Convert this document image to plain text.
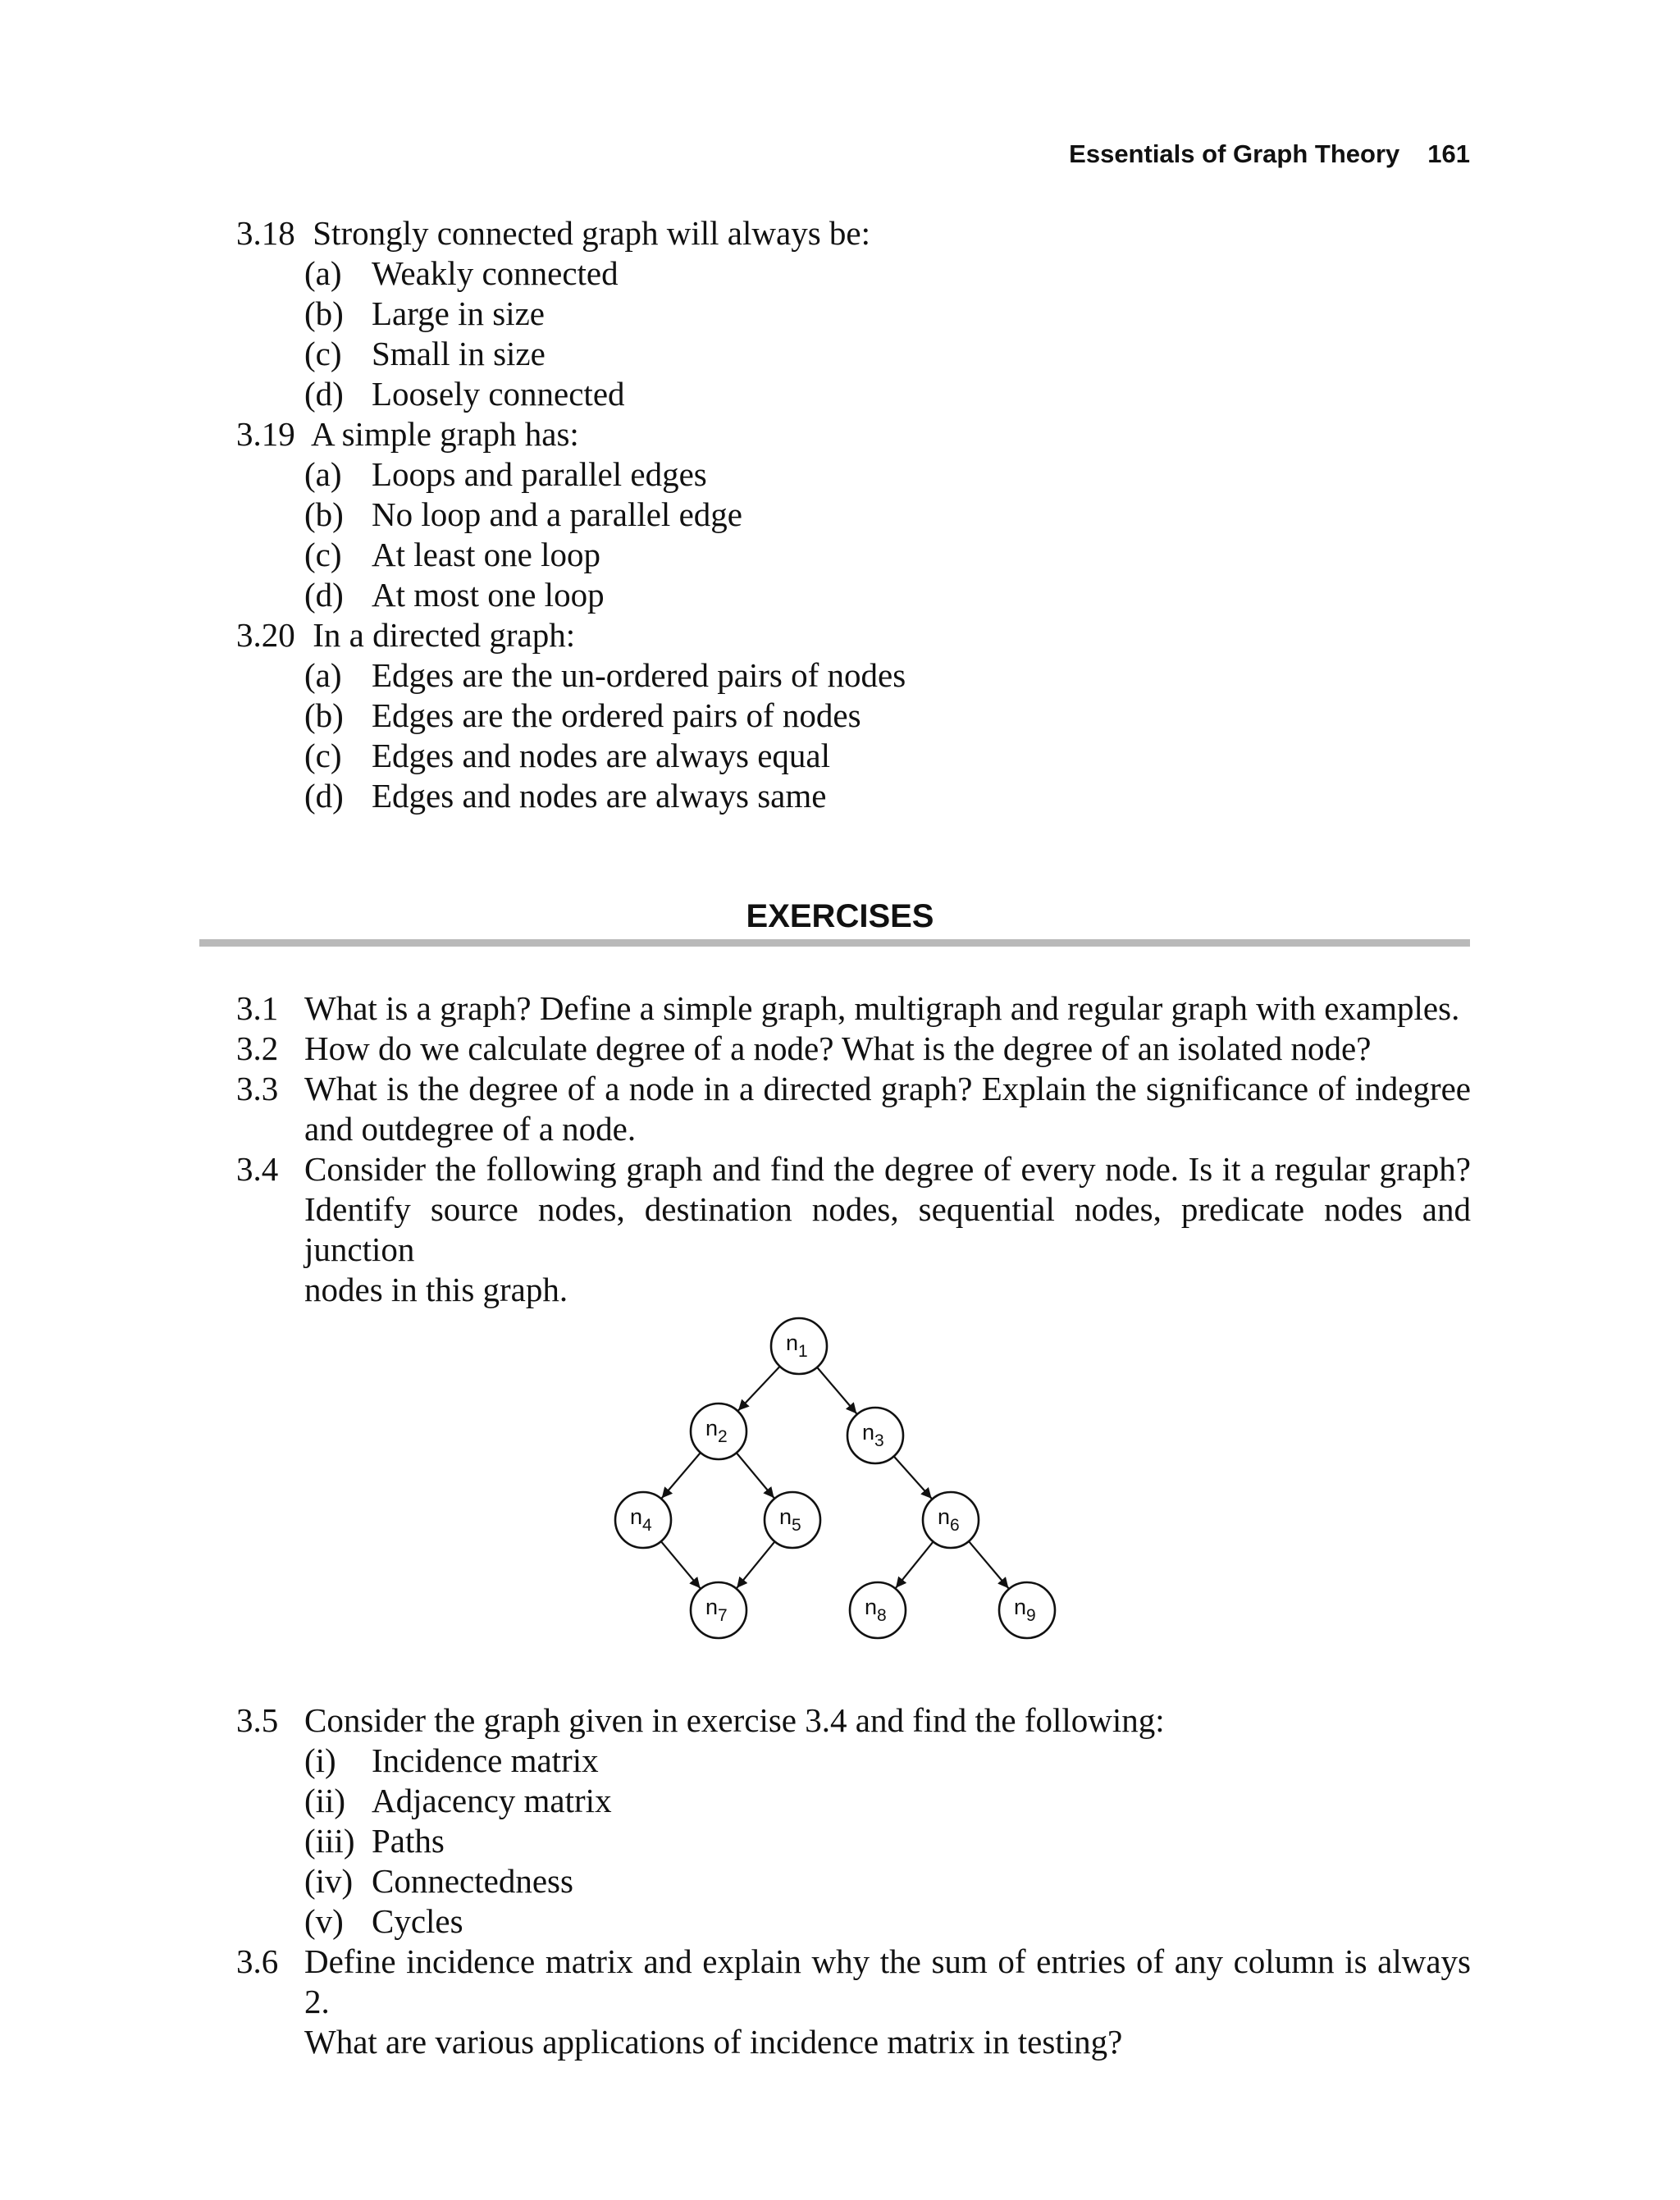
Essentials of Graph Theory 161
3.18 Strongly connected graph will always be:
(a) Weakly connected
(b) Large in size
(c) Small in size
(d) Loosely connected
3.19 A simple graph has:
(a) Loops and parallel edges
(b) No loop and a parallel edge
(c) At least one loop
(d) At most one loop
3.20 In a directed graph:
(a) Edges are the un-ordered pairs of nodes
(b) Edges are the ordered pairs of nodes
(c) Edges and nodes are always equal
(d) Edges and nodes are always same
EXERCISES
3.1 What is a graph? Define a simple graph, multigraph and regular graph with examples.
3.2 How do we calculate degree of a node? What is the degree of an isolated node?
3.3 What is the degree of a node in a directed graph? Explain the significance of indegree
and outdegree of a node.
3.4 Consider the following graph and find the degree of every node. Is it a regular graph?
Identify source nodes, destination nodes, sequential nodes, predicate nodes and junction
nodes in this graph.
$n_1$
$n_2$	$n_3$
$n_4$	$n_5$	$n_6$
$n_7$	$n_8$	$n_9$
3.5 Consider the graph given in exercise 3.4 and find the following:
(i) Incidence matrix
(ii) Adjacency matrix
(iii) Paths
(iv) Connectedness
(v) Cycles
3.6 Define incidence matrix and explain why the sum of entries of any column is always 2.
What are various applications of incidence matrix in testing?
